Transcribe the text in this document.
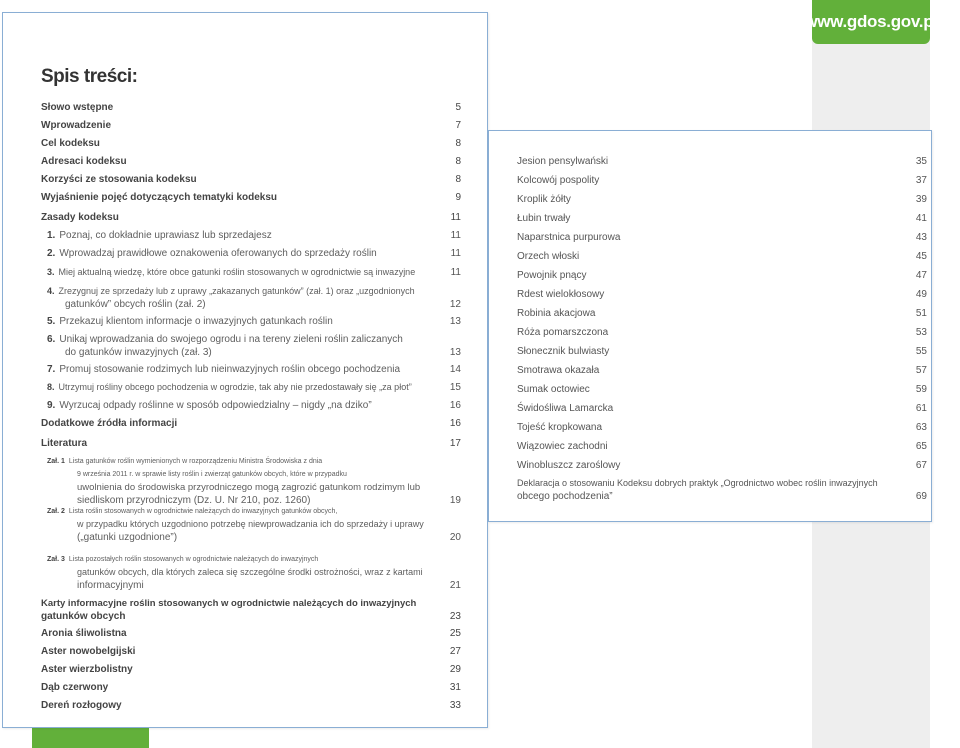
www.gdos.gov.pl
Spis treści:
Słowo wstępne	5
Wprowadzenie	7
Cel kodeksu	8
Adresaci kodeksu	8
Korzyści ze stosowania kodeksu	8
Wyjaśnienie pojęć dotyczących tematyki kodeksu	9
Zasady kodeksu	11
1. Poznaj, co dokładnie uprawiasz lub sprzedajesz	11
2. Wprowadzaj prawidłowe oznakowenia oferowanych do sprzedaży roślin	11
3. Miej aktualną wiedzę, które obce gatunki roślin stosowanych w ogrodnictwie są inwazyjne	11
4. Zrezygnuj ze sprzedaży lub z uprawy „zakazanych gatunków” (zał. 1) oraz „uzgodnionych
gatunków” obcych roślin (zał. 2)	12
5. Przekazuj klientom informacje o inwazyjnych gatunkach roślin	13
6. Unikaj wprowadzania do swojego ogrodu i na tereny zieleni roślin zaliczanych
do gatunków inwazyjnych (zał. 3)	13
7. Promuj stosowanie rodzimych lub nieinwazyjnych roślin obcego pochodzenia	14
8. Utrzymuj rośliny obcego pochodzenia w ogrodzie, tak aby nie przedostawały się „za płot”	15
9. Wyrzucaj odpady roślinne w sposób odpowiedzialny – nigdy „na dziko”	16
Dodatkowe źródła informacji	16
Literatura	17
Zał. 1 Lista gatunków roślin wymienionych w rozporządzeniu Ministra Środowiska z dnia
9 września 2011 r. w sprawie listy roślin i zwierząt gatunków obcych, które w przypadku
uwolnienia do środowiska przyrodniczego mogą zagrozić gatunkom rodzimym lub
siedliskom przyrodniczym (Dz. U. Nr 210, poz. 1260)	19
Zał. 2 Lista roślin stosowanych w ogrodnictwie należących do inwazyjnych gatunków obcych,
w przypadku których uzgodniono potrzebę niewprowadzania ich do sprzedaży i uprawy
(„gatunki uzgodnione”)	20
Zał. 3 Lista pozostałych roślin stosowanych w ogrodnictwie należących do inwazyjnych
gatunków obcych, dla których zaleca się szczególne środki ostrożności, wraz z kartami
informacyjnymi	21
Karty informacyjne roślin stosowanych w ogrodnictwie należących do inwazyjnych
gatunków obcych	23
Aronia śliwolistna	25
Aster nowobelgijski	27
Aster wierzbolistny	29
Dąb czerwony	31
Dereń rozłogowy	33
Jesion pensylwański	35
Kolcowój pospolity	37
Kroplik żółty	39
Łubin trwały	41
Naparstnica purpurowa	43
Orzech włoski	45
Powojnik pnący	47
Rdest wielokłosowy	49
Robinia akacjowa	51
Róża pomarszczona	53
Słonecznik bulwiasty	55
Smotrawa okazała	57
Sumak octowiec	59
Świdośliwa Lamarcka	61
Tojeść kropkowana	63
Wiązowiec zachodni	65
Winobluszcz zaroślowy	67
Deklaracja o stosowaniu Kodeksu dobrych praktyk „Ogrodnictwo wobec roślin inwazyjnych
obcego pochodzenia”	69
